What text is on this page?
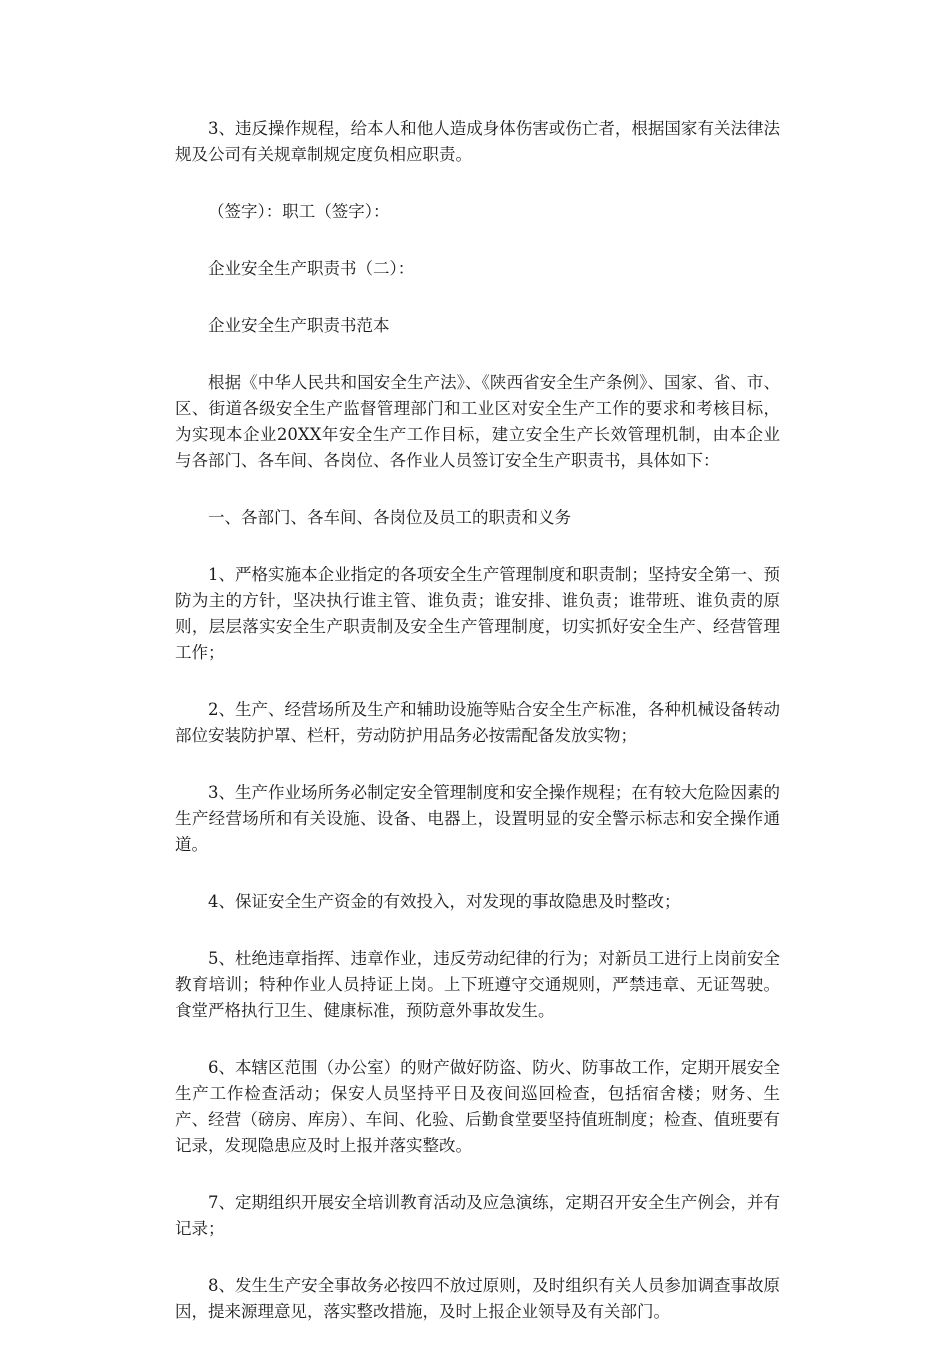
3、违反操作规程，给本人和他人造成身体伤害或伤亡者，根据国家有关法律法规及公司有关规章制规定度负相应职责。

（签字）：职工（签字）：

企业安全生产职责书（二）：

企业安全生产职责书范本

根据《中华人民共和国安全生产法》、《陕西省安全生产条例》、国家、省、市、区、街道各级安全生产监督管理部门和工业区对安全生产工作的要求和考核目标，为实现本企业20XX年安全生产工作目标，建立安全生产长效管理机制，由本企业与各部门、各车间、各岗位、各作业人员签订安全生产职责书，具体如下：

一、各部门、各车间、各岗位及员工的职责和义务

1、严格实施本企业指定的各项安全生产管理制度和职责制；坚持安全第一、预防为主的方针，坚决执行谁主管、谁负责；谁安排、谁负责；谁带班、谁负责的原则，层层落实安全生产职责制及安全生产管理制度，切实抓好安全生产、经营管理工作；

2、生产、经营场所及生产和辅助设施等贴合安全生产标准，各种机械设备转动部位安装防护罩、栏杆，劳动防护用品务必按需配备发放实物；

3、生产作业场所务必制定安全管理制度和安全操作规程；在有较大危险因素的生产经营场所和有关设施、设备、电器上，设置明显的安全警示标志和安全操作通道。

4、保证安全生产资金的有效投入，对发现的事故隐患及时整改；

5、杜绝违章指挥、违章作业，违反劳动纪律的行为；对新员工进行上岗前安全教育培训；特种作业人员持证上岗。上下班遵守交通规则，严禁违章、无证驾驶。食堂严格执行卫生、健康标准，预防意外事故发生。

6、本辖区范围（办公室）的财产做好防盗、防火、防事故工作，定期开展安全生产工作检查活动；保安人员坚持平日及夜间巡回检查，包括宿舍楼；财务、生产、经营（磅房、库房）、车间、化验、后勤食堂要坚持值班制度；检查、值班要有记录，发现隐患应及时上报并落实整改。

7、定期组织开展安全培训教育活动及应急演练，定期召开安全生产例会，并有记录；

8、发生生产安全事故务必按四不放过原则，及时组织有关人员参加调查事故原因，提来源理意见，落实整改措施，及时上报企业领导及有关部门。
